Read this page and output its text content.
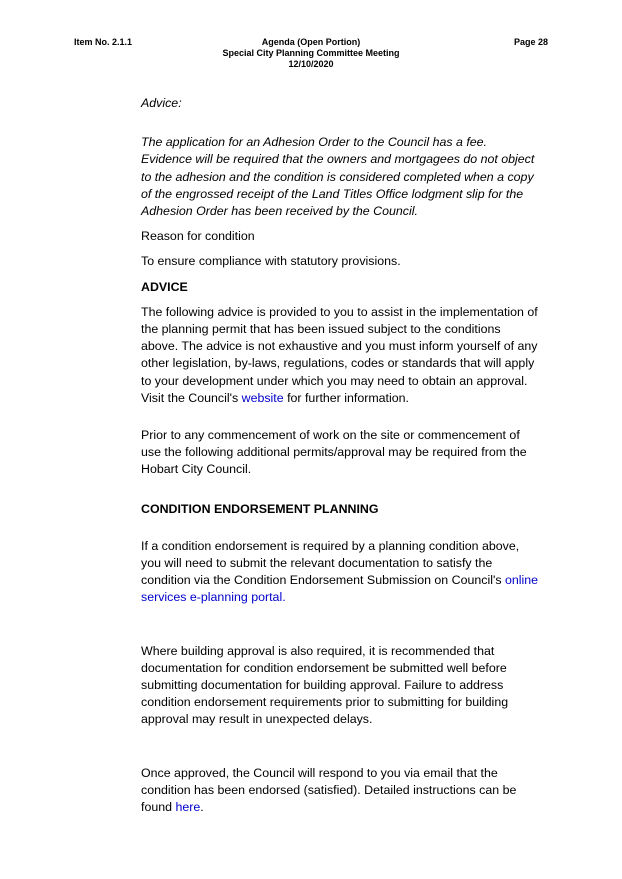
Item No. 2.1.1	Agenda (Open Portion)
Special City Planning Committee Meeting
12/10/2020
Page 28

Advice:

The application for an Adhesion Order to the Council has a fee. Evidence will be required that the owners and mortgagees do not object to the adhesion and the condition is considered completed when a copy of the engrossed receipt of the Land Titles Office lodgment slip for the Adhesion Order has been received by the Council.

Reason for condition

To ensure compliance with statutory provisions.

ADVICE

The following advice is provided to you to assist in the implementation of the planning permit that has been issued subject to the conditions above. The advice is not exhaustive and you must inform yourself of any other legislation, by-laws, regulations, codes or standards that will apply to your development under which you may need to obtain an approval. Visit the Council's website for further information.

Prior to any commencement of work on the site or commencement of use the following additional permits/approval may be required from the Hobart City Council.

CONDITION ENDORSEMENT PLANNING

If a condition endorsement is required by a planning condition above, you will need to submit the relevant documentation to satisfy the condition via the Condition Endorsement Submission on Council's online services e-planning portal.

Where building approval is also required, it is recommended that documentation for condition endorsement be submitted well before submitting documentation for building approval. Failure to address condition endorsement requirements prior to submitting for building approval may result in unexpected delays.

Once approved, the Council will respond to you via email that the condition has been endorsed (satisfied). Detailed instructions can be found here.
